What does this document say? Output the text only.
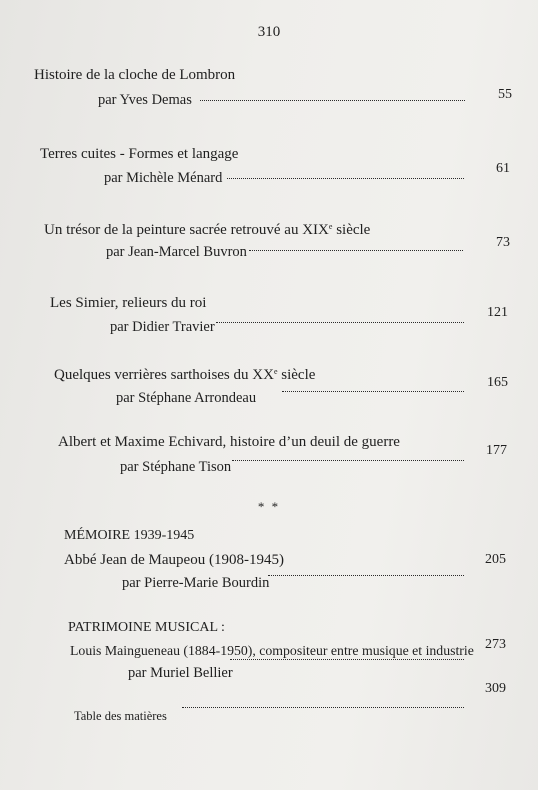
310
Histoire de la cloche de Lombron
par Yves Demas	55
Terres cuites - Formes et langage
par Michèle Ménard
61
Un trésor de la peinture sacrée retrouvé au XIXe siècle
par Jean-Marcel Buvron
73
Les Simier, relieurs du roi
par Didier Travier
121
Quelques verrières sarthoises du XXe siècle
par Stéphane Arrondeau
165
Albert et Maxime Echivard, histoire d’un deuil de guerre
par Stéphane Tison
177
* *
MÉMOIRE 1939-1945
Abbé Jean de Maupeou (1908-1945)
par Pierre-Marie Bourdin
205
PATRIMOINE MUSICAL :
Louis Maingueneau (1884-1950), compositeur entre musique et industrie
par Muriel Bellier
273
Table des matières
309
